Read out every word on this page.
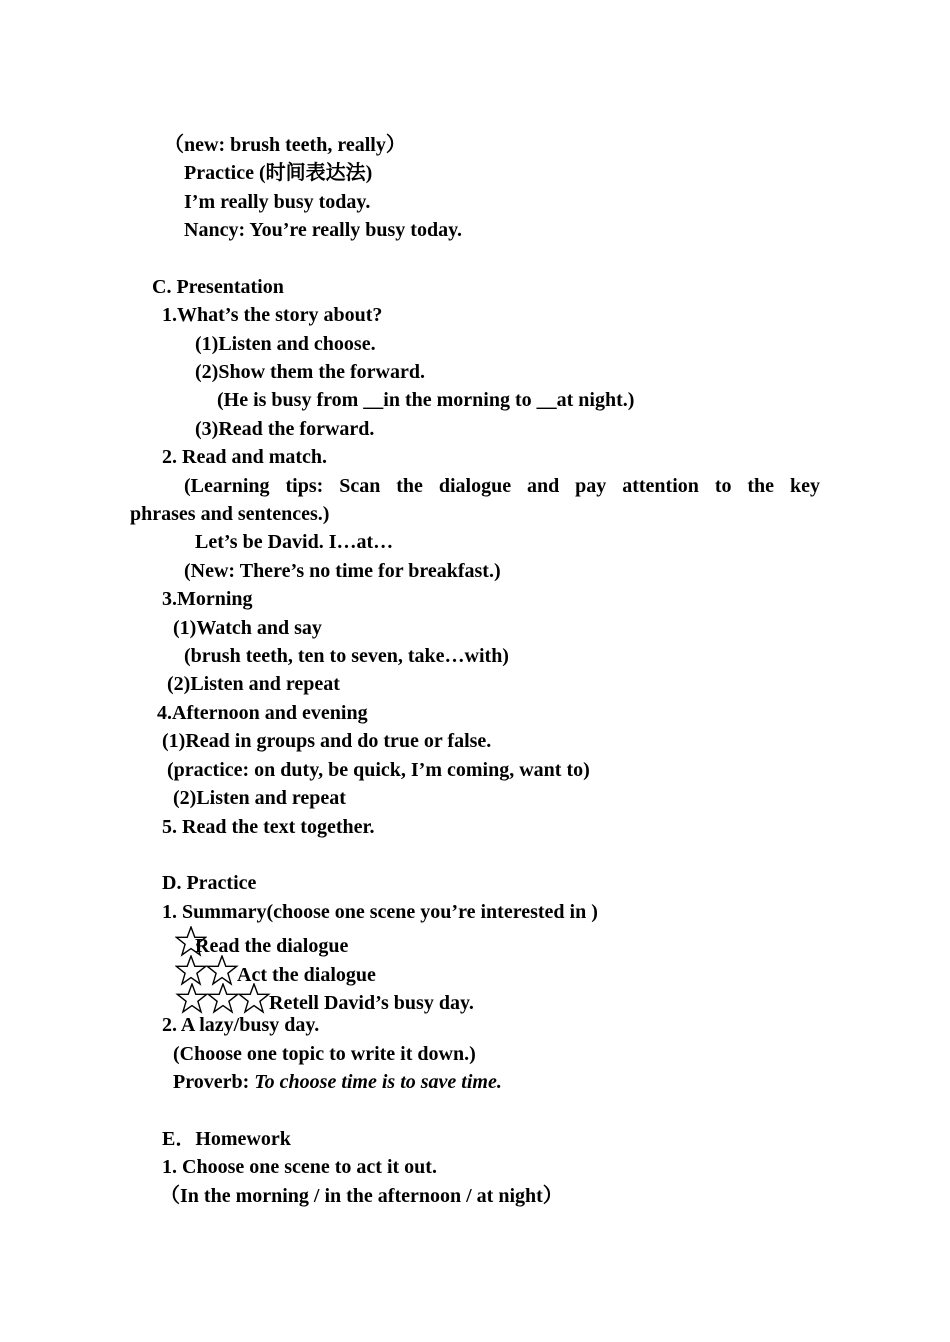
（new: brush teeth, really）
Practice (时间表达法)
I’m really busy today.
Nancy: You’re really busy today.
C. Presentation
1.What’s the story about?
(1)Listen and choose.
(2)Show them the forward.
(He is busy from __in the morning to __at night.)
(3)Read the forward.
2. Read and match.
(Learning tips: Scan the dialogue and pay attention to the key
phrases and sentences.)
Let’s be David. I…at…
(New: There’s no time for breakfast.)
3.Morning
(1)Watch and say
(brush teeth, ten to seven, take…with)
(2)Listen and repeat
4.Afternoon and evening
(1)Read in groups and do true or false.
(practice: on duty, be quick, I’m coming, want to)
(2)Listen and repeat
5. Read the text together.
D. Practice
1. Summary(choose one scene you’re interested in )
Read the dialogue
Act the dialogue
Retell David’s busy day.
2. A lazy/busy day.
(Choose one topic to write it down.)
Proverb: To choose time is to save time.
E．Homework
1. Choose one scene to act it out.
（In the morning / in the afternoon / at night）
